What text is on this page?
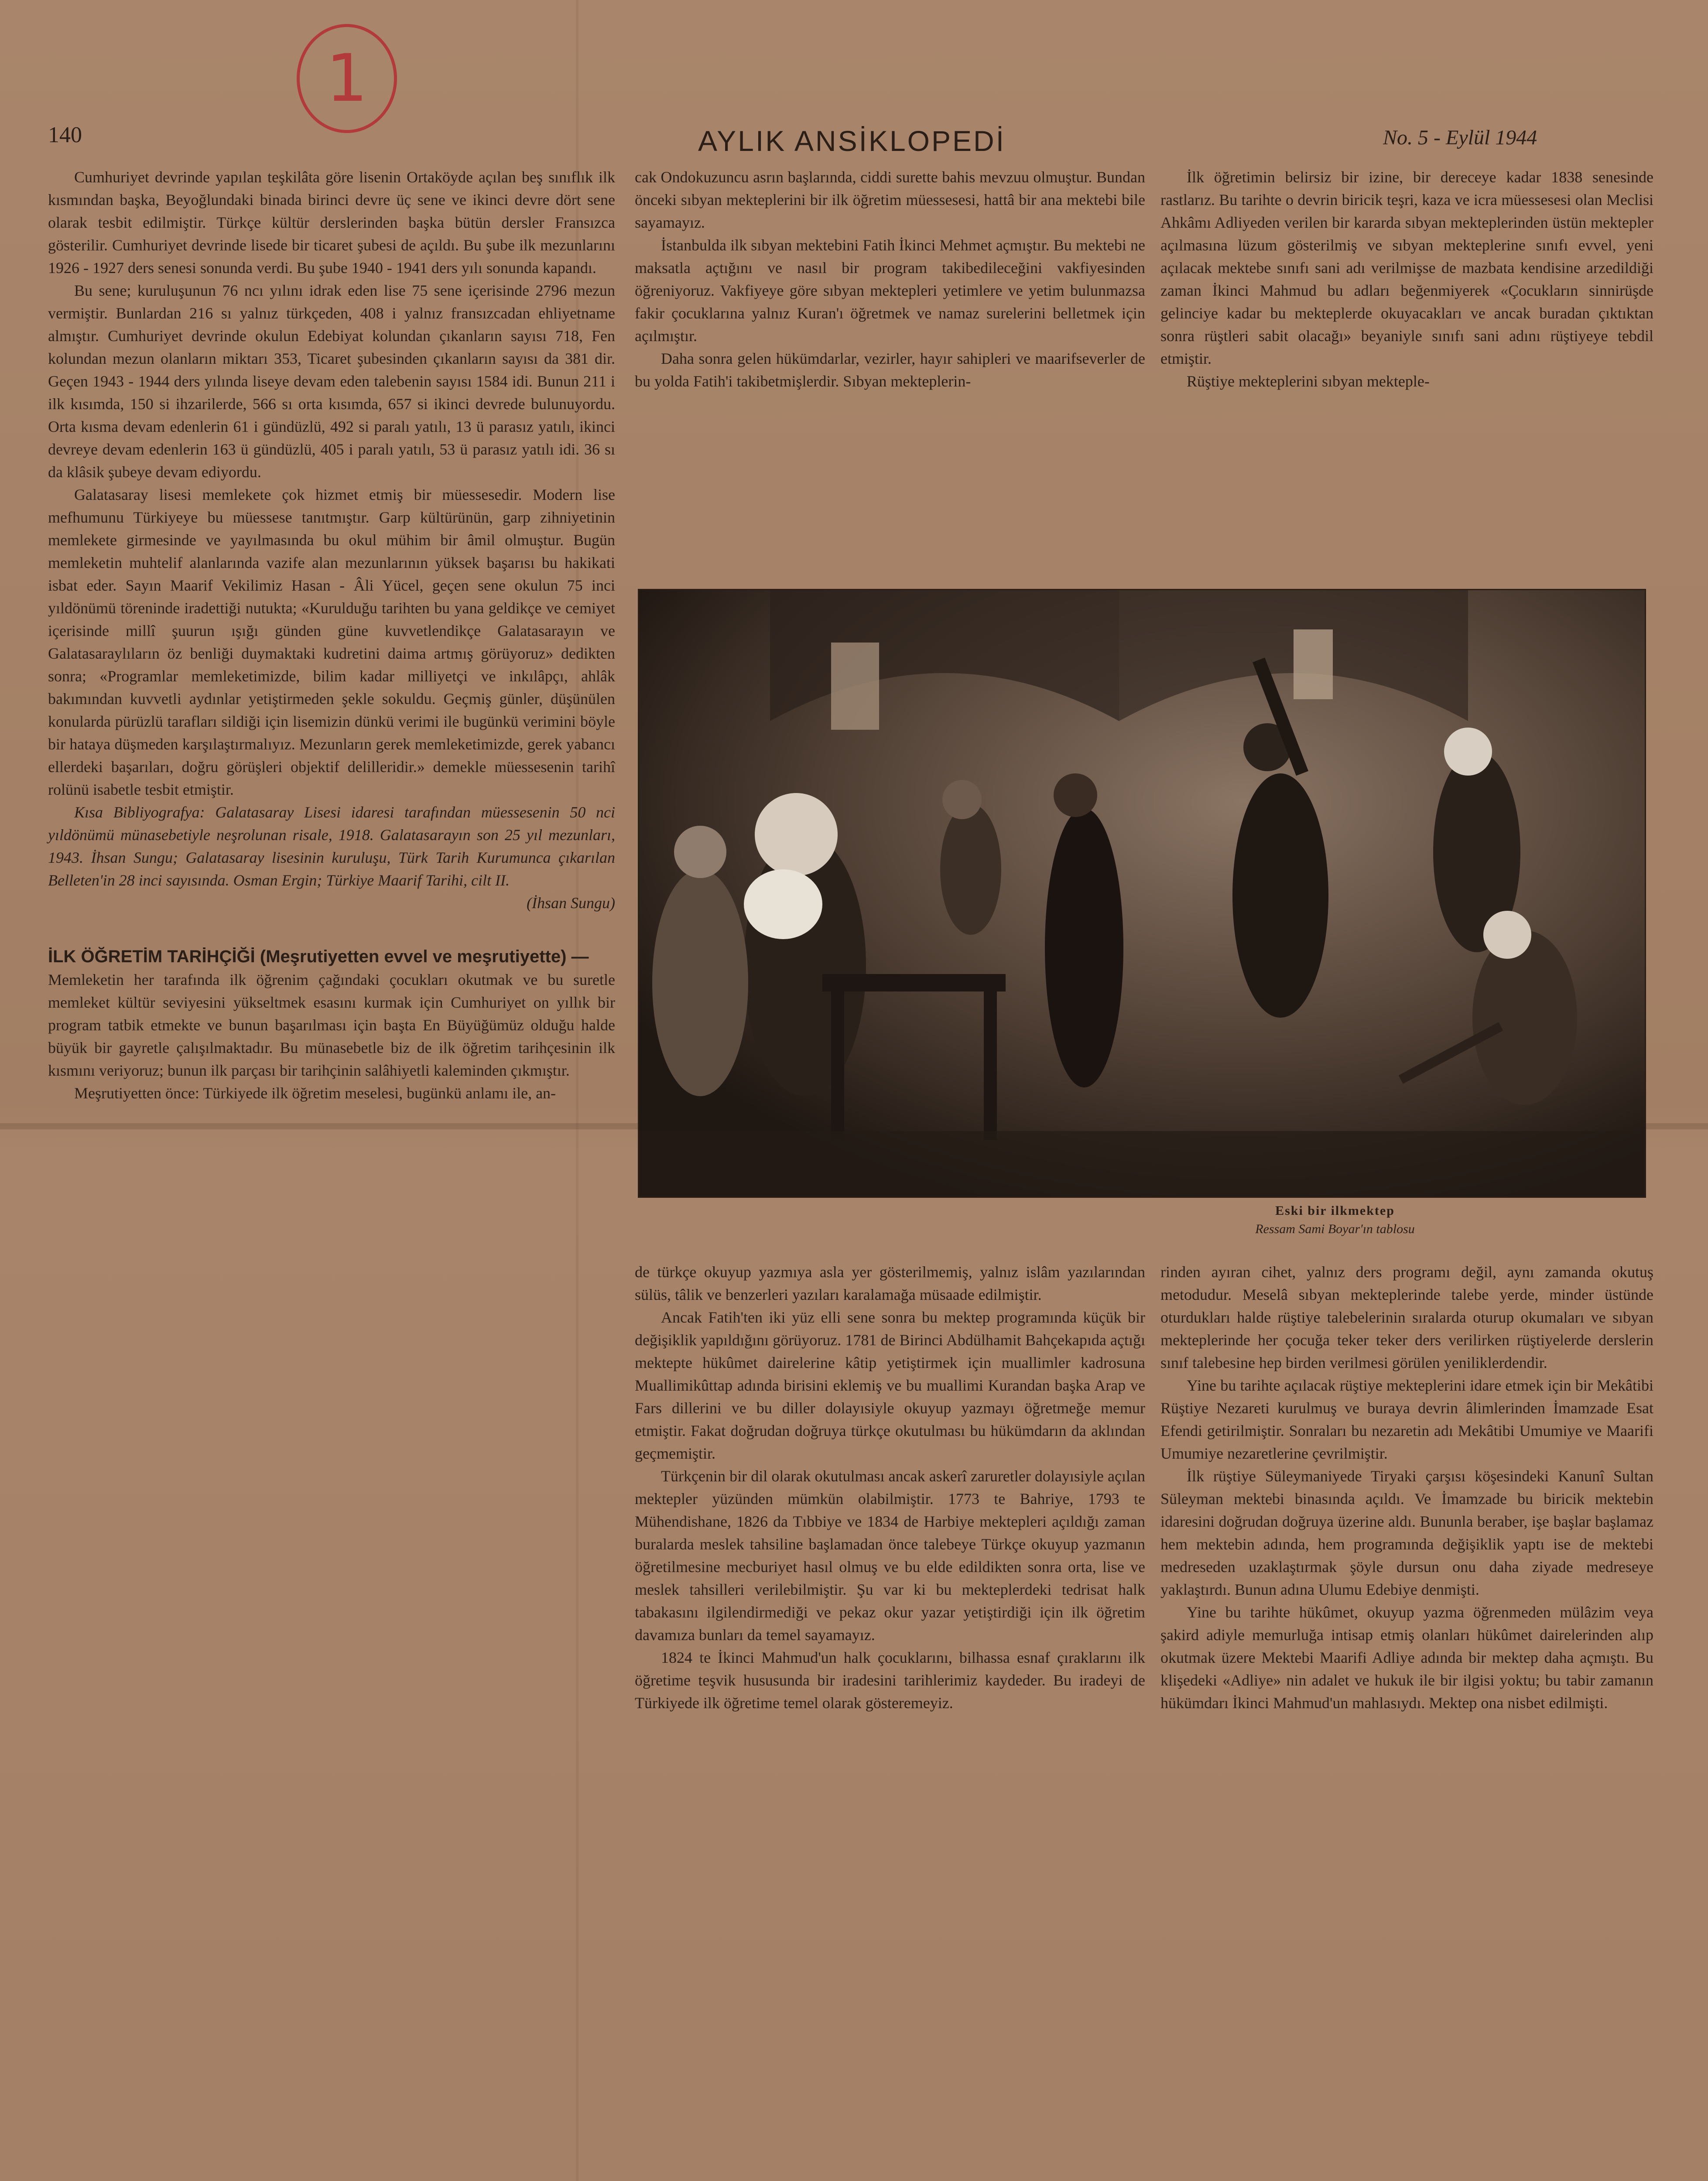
1
140	AYLIK ANSİKLOPEDİ	No. 5 - Eylül 1944

Cumhuriyet devrinde yapılan teşkilâta göre lisenin Ortaköyde açılan beş sınıflık ilk kısmından başka, Beyoğlundaki binada birinci devre üç sene ve ikinci devre dört sene olarak tesbit edilmiştir. Türkçe kültür derslerinden başka bütün dersler Fransızca gösterilir. Cumhuriyet devrinde lisede bir ticaret şubesi de açıldı. Bu şube ilk mezunlarını 1926 - 1927 ders senesi sonunda verdi. Bu şube 1940 - 1941 ders yılı sonunda kapandı.

Bu sene; kuruluşunun 76 ncı yılını idrak eden lise 75 sene içerisinde 2796 mezun vermiştir. Bunlardan 216 sı yalnız türkçeden, 408 i yalnız fransızcadan ehliyetname almıştır. Cumhuriyet devrinde okulun Edebiyat kolundan çıkanların sayısı 718, Fen kolundan mezun olanların miktarı 353, Ticaret şubesinden çıkanların sayısı da 381 dir. Geçen 1943 - 1944 ders yılında liseye devam eden talebenin sayısı 1584 idi. Bunun 211 i ilk kısımda, 150 si ihzarilerde, 566 sı orta kısımda, 657 si ikinci devrede bulunuyordu. Orta kısma devam edenlerin 61 i gündüzlü, 492 si paralı yatılı, 13 ü parasız yatılı, ikinci devreye devam edenlerin 163 ü gündüzlü, 405 i paralı yatılı, 53 ü parasız yatılı idi. 36 sı da klâsik şubeye devam ediyordu.

Galatasaray lisesi memlekete çok hizmet etmiş bir müessesedir. Modern lise mefhumunu Türkiyeye bu müessese tanıtmıştır. Garp kültürünün, garp zihniyetinin memlekete girmesinde ve yayılmasında bu okul mühim bir âmil olmuştur. Bugün memleketin muhtelif alanlarında vazife alan mezunlarının yüksek başarısı bu hakikati isbat eder. Sayın Maarif Vekilimiz Hasan - Âli Yücel, geçen sene okulun 75 inci yıldönümü töreninde iradettiği nutukta; «Kurulduğu tarihten bu yana geldikçe ve cemiyet içerisinde millî şuurun ışığı günden güne kuvvetlendikçe Galatasarayın ve Galatasaraylıların öz benliği duymaktaki kudretini daima artmış görüyoruz» dedikten sonra; «Programlar memleketimizde, bilim kadar milliyetçi ve inkılâpçı, ahlâk bakımından kuvvetli aydınlar yetiştirmeden şekle sokuldu. Geçmiş günler, düşünülen konularda pürüzlü tarafları sildiği için lisemizin dünkü verimi ile bugünkü verimini böyle bir hataya düşmeden karşılaştırmalıyız. Mezunların gerek memleketimizde, gerek yabancı ellerdeki başarıları, doğru görüşleri objektif delilleridir.» demekle müessesenin tarihî rolünü isabetle tesbit etmiştir.

Kısa Bibliyografya: Galatasaray Lisesi idaresi tarafından müessesenin 50 nci yıldönümü münasebetiyle neşrolunan risale, 1918. Galatasarayın son 25 yıl mezunları, 1943. İhsan Sungu; Galatasaray lisesinin kuruluşu, Türk Tarih Kurumunca çıkarılan Belleten'in 28 inci sayısında. Osman Ergin; Türkiye Maarif Tarihi, cilt II.

(İhsan Sungu)
İLK ÖĞRETİM TARİHÇİĞİ (Meşrutiyetten evvel ve meşrutiyette) —

Memleketin her tarafında ilk öğrenim çağındaki çocukları okutmak ve bu suretle memleket kültür seviyesini yükseltmek esasını kurmak için Cumhuriyet on yıllık bir program tatbik etmekte ve bunun başarılması için başta En Büyüğümüz olduğu halde büyük bir gayretle çalışılmaktadır. Bu münasebetle biz de ilk öğretim tarihçesinin ilk kısmını veriyoruz; bunun ilk parçası bir tarihçinin salâhiyetli kaleminden çıkmıştır.

Meşrutiyetten önce: Türkiyede ilk öğretim meselesi, bugünkü anlamı ile, an-

cak Ondokuzuncu asrın başlarında, ciddi surette bahis mevzuu olmuştur. Bundan önceki sıbyan mekteplerini bir ilk öğretim müessesesi, hattâ bir ana mektebi bile sayamayız.

İstanbulda ilk sıbyan mektebini Fatih İkinci Mehmet açmıştır. Bu mektebi ne maksatla açtığını ve nasıl bir program takibedileceğini vakfiyesinden öğreniyoruz. Vakfiyeye göre sıbyan mektepleri yetimlere ve yetim bulunmazsa fakir çocuklarına yalnız Kuran'ı öğretmek ve namaz surelerini belletmek için açılmıştır.

Daha sonra gelen hükümdarlar, vezirler, hayır sahipleri ve maarifseverler de bu yolda Fatih'i takibetmişlerdir. Sıbyan mekteplerin-

İlk öğretimin belirsiz bir izine, bir dereceye kadar 1838 senesinde rastlarız. Bu tarihte o devrin biricik teşri, kaza ve icra müessesesi olan Meclisi Ahkâmı Adliyeden verilen bir kararda sıbyan mekteplerinden üstün mektepler açılmasına lüzum gösterilmiş ve sıbyan mekteplerine sınıfı evvel, yeni açılacak mektebe sınıfı sani adı verilmişse de mazbata kendisine arzedildiği zaman İkinci Mahmud bu adları beğenmiyerek «Çocukların sinnirüşde gelinciye kadar bu mekteplerde okuyacakları ve ancak buradan çıktıktan sonra rüştleri sabit olacağı» beyaniyle sınıfı sani adını rüştiyeye tebdil etmiştir.

Rüştiye mekteplerini sıbyan mekteple-

Eski bir ilkmektep
Ressam Sami Boyar'ın tablosu

de türkçe okuyup yazmıya asla yer gösterilmemiş, yalnız islâm yazılarından sülüs, tâlik ve benzerleri yazıları karalamağa müsaade edilmiştir.

Ancak Fatih'ten iki yüz elli sene sonra bu mektep programında küçük bir değişiklik yapıldığını görüyoruz. 1781 de Birinci Abdülhamit Bahçekapıda açtığı mektepte hükûmet dairelerine kâtip yetiştirmek için muallimler kadrosuna Muallimikûttap adında birisini eklemiş ve bu muallimi Kurandan başka Arap ve Fars dillerini ve bu diller dolayısiyle okuyup yazmayı öğretmeğe memur etmiştir. Fakat doğrudan doğruya türkçe okutulması bu hükümdarın da aklından geçmemiştir.

Türkçenin bir dil olarak okutulması ancak askerî zaruretler dolayısiyle açılan mektepler yüzünden mümkün olabilmiştir. 1773 te Bahriye, 1793 te Mühendishane, 1826 da Tıbbiye ve 1834 de Harbiye mektepleri açıldığı zaman buralarda meslek tahsiline başlamadan önce talebeye Türkçe okuyup yazmanın öğretilmesine mecburiyet hasıl olmuş ve bu elde edildikten sonra orta, lise ve meslek tahsilleri verilebilmiştir. Şu var ki bu mekteplerdeki tedrisat halk tabakasını ilgilendirmediği ve pekaz okur yazar yetiştirdiği için ilk öğretim davamıza bunları da temel sayamayız.

1824 te İkinci Mahmud'un halk çocuklarını, bilhassa esnaf çıraklarını ilk öğretime teşvik hususunda bir iradesini tarihlerimiz kaydeder. Bu iradeyi de Türkiyede ilk öğretime temel olarak gösteremeyiz.

rinden ayıran cihet, yalnız ders programı değil, aynı zamanda okutuş metodudur. Meselâ sıbyan mekteplerinde talebe yerde, minder üstünde oturdukları halde rüştiye talebelerinin sıralarda oturup okumaları ve sıbyan mekteplerinde her çocuğa teker teker ders verilirken rüştiyelerde derslerin sınıf talebesine hep birden verilmesi görülen yeniliklerdendir.

Yine bu tarihte açılacak rüştiye mekteplerini idare etmek için bir Mekâtibi Rüştiye Nezareti kurulmuş ve buraya devrin âlimlerinden İmamzade Esat Efendi getirilmiştir. Sonraları bu nezaretin adı Mekâtibi Umumiye ve Maarifi Umumiye nezaretlerine çevrilmiştir.

İlk rüştiye Süleymaniyede Tiryaki çarşısı köşesindeki Kanunî Sultan Süleyman mektebi binasında açıldı. Ve İmamzade bu biricik mektebin idaresini doğrudan doğruya üzerine aldı. Bununla beraber, işe başlar başlamaz hem mektebin adında, hem programında değişiklik yaptı ise de mektebi medreseden uzaklaştırmak şöyle dursun onu daha ziyade medreseye yaklaştırdı. Bunun adına Ulumu Edebiye denmişti.

Yine bu tarihte hükûmet, okuyup yazma öğrenmeden mülâzim veya şakird adiyle memurluğa intisap etmiş olanları hükûmet dairelerinden alıp okutmak üzere Mektebi Maarifi Adliye adında bir mektep daha açmıştı. Bu klişedeki «Adliye» nin adalet ve hukuk ile bir ilgisi yoktu; bu tabir zamanın hükümdarı İkinci Mahmud'un mahlasıydı. Mektep ona nisbet edilmişti.
